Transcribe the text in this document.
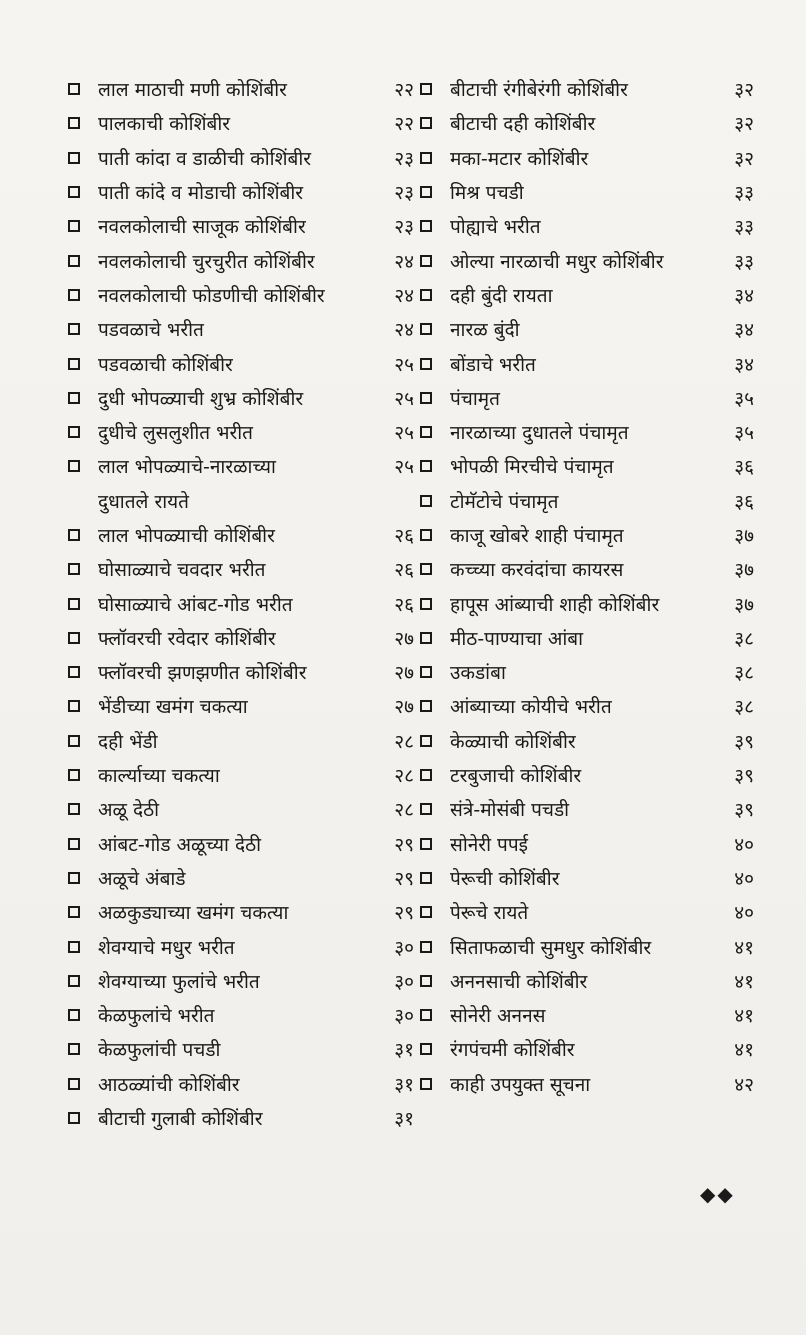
लाल माठाची मणी कोशिंबीर	२२
पालकाची कोशिंबीर	२२
पाती कांदा व डाळीची कोशिंबीर	२३
पाती कांदे व मोडाची कोशिंबीर	२३
नवलकोलाची साजूक कोशिंबीर	२३
नवलकोलाची चुरचुरीत कोशिंबीर	२४
नवलकोलाची फोडणीची कोशिंबीर	२४
पडवळाचे भरीत	२४
पडवळाची कोशिंबीर	२५
दुधी भोपळ्याची शुभ्र कोशिंबीर	२५
दुधीचे लुसलुशीत भरीत	२५
लाल भोपळ्याचे-नारळाच्या	२५
दुधातले रायते
लाल भोपळ्याची कोशिंबीर	२६
घोसाळ्याचे चवदार भरीत	२६
घोसाळ्याचे आंबट-गोड भरीत	२६
फ्लॉवरची रवेदार कोशिंबीर	२७
फ्लॉवरची झणझणीत कोशिंबीर	२७
भेंडीच्या खमंग चकत्या	२७
दही भेंडी	२८
कार्ल्याच्या चकत्या	२८
अळू देठी	२८
आंबट-गोड अळूच्या देठी	२९
अळूचे अंबाडे	२९
अळकुड्याच्या खमंग चकत्या	२९
शेवग्याचे मधुर भरीत	३०
शेवग्याच्या फुलांचे भरीत	३०
केळफुलांचे भरीत	३०
केळफुलांची पचडी	३१
आठळ्यांची कोशिंबीर	३१
बीटाची गुलाबी कोशिंबीर	३१
बीटाची रंगीबेरंगी कोशिंबीर	३२
बीटाची दही कोशिंबीर	३२
मका-मटार कोशिंबीर	३२
मिश्र पचडी	३३
पोह्याचे भरीत	३३
ओल्या नारळाची मधुर कोशिंबीर	३३
दही बुंदी रायता	३४
नारळ बुंदी	३४
बोंडाचे भरीत	३४
पंचामृत	३५
नारळाच्या दुधातले पंचामृत	३५
भोपळी मिरचीचे पंचामृत	३६
टोमॅटोचे पंचामृत	३६
काजू खोबरे शाही पंचामृत	३७
कच्च्या करवंदांचा कायरस	३७
हापूस आंब्याची शाही कोशिंबीर	३७
मीठ-पाण्याचा आंबा	३८
उकडांबा	३८
आंब्याच्या कोयीचे भरीत	३८
केळ्याची कोशिंबीर	३९
टरबुजाची कोशिंबीर	३९
संत्रे-मोसंबी पचडी	३९
सोनेरी पपई	४०
पेरूची कोशिंबीर	४०
पेरूचे रायते	४०
सिताफळाची सुमधुर कोशिंबीर	४१
अननसाची कोशिंबीर	४१
सोनेरी अननस	४१
रंगपंचमी कोशिंबीर	४१
काही उपयुक्त सूचना	४२
◆◆
